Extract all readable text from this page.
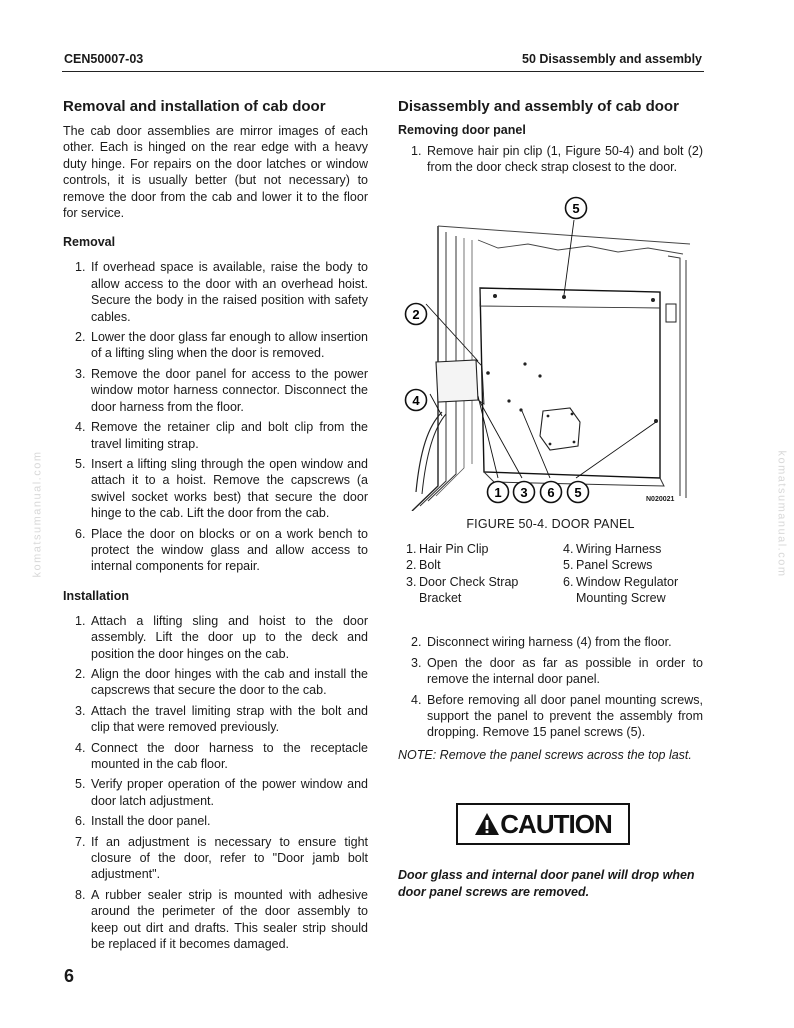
CEN50007-03	50 Disassembly and assembly
komatsumanual.com	komatsumanual.com
Removal and installation of cab door

The cab door assemblies are mirror images of each other. Each is hinged on the rear edge with a heavy duty hinge. For repairs on the door latches or window controls, it is usually better (but not necessary) to remove the door from the cab and lower it to the floor for service.

Removal
1. If overhead space is available, raise the body to allow access to the door with an overhead hoist. Secure the body in the raised position with safety cables.
2. Lower the door glass far enough to allow insertion of a lifting sling when the door is removed.
3. Remove the door panel for access to the power window motor harness connector. Disconnect the door harness from the floor.
4. Remove the retainer clip and bolt clip from the travel limiting strap.
5. Insert a lifting sling through the open window and attach it to a hoist. Remove the capscrews (a swivel socket works best) that secure the door hinge to the cab. Lift the door from the cab.
6. Place the door on blocks or on a work bench to protect the window glass and allow access to internal components for repair.
Installation
1. Attach a lifting sling and hoist to the door assembly. Lift the door up to the deck and position the door hinges on the cab.
2. Align the door hinges with the cab and install the capscrews that secure the door to the cab.
3. Attach the travel limiting strap with the bolt and clip that were removed previously.
4. Connect the door harness to the receptacle mounted in the cab floor.
5. Verify proper operation of the power window and door latch adjustment.
6. Install the door panel.
7. If an adjustment is necessary to ensure tight closure of the door, refer to "Door jamb bolt adjustment".
8. A rubber sealer strip is mounted with adhesive around the perimeter of the door assembly to keep out dirt and drafts. This sealer strip should be replaced if it becomes damaged.
Disassembly and assembly of cab door
Removing door panel
1. Remove hair pin clip (1, Figure 50-4) and bolt (2) from the door check strap closest to the door.
5
2
4
1 3 6 5	N020021
FIGURE 50-4. DOOR PANEL
1. Hair Pin Clip
2. Bolt
3. Door Check Strap Bracket
4. Wiring Harness
5. Panel Screws
6. Window Regulator Mounting Screw
2. Disconnect wiring harness (4) from the floor.
3. Open the door as far as possible in order to remove the internal door panel.
4. Before removing all door panel mounting screws, support the panel to prevent the assembly from dropping. Remove 15 panel screws (5).
NOTE: Remove the panel screws across the top last.
CAUTION
Door glass and internal door panel will drop when door panel screws are removed.
6
